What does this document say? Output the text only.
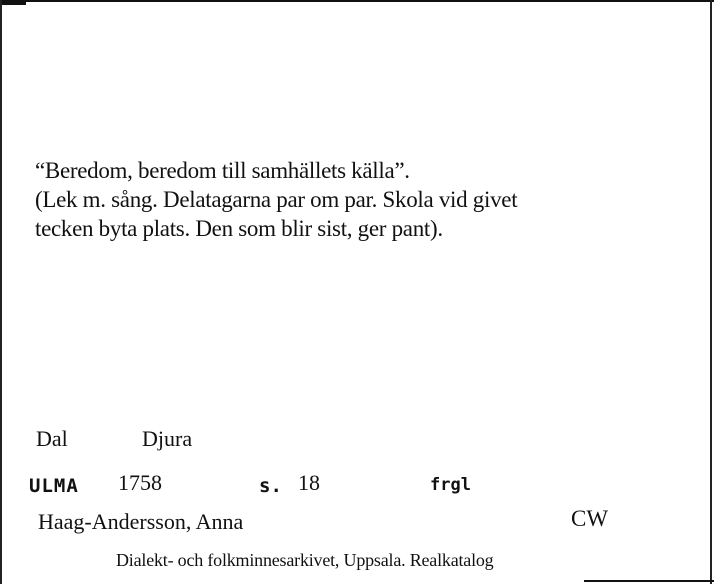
“Beredom, beredom till samhällets källa”.
(Lek m. sång. Delatagarna par om par. Skola vid givet
tecken byta plats. Den som blir sist, ger pant).
Dal	Djura
ULMA 1758	s. 18	frgl
Haag-Andersson, Anna	CW
Dialekt- och folkminnesarkivet, Uppsala. Realkatalog
